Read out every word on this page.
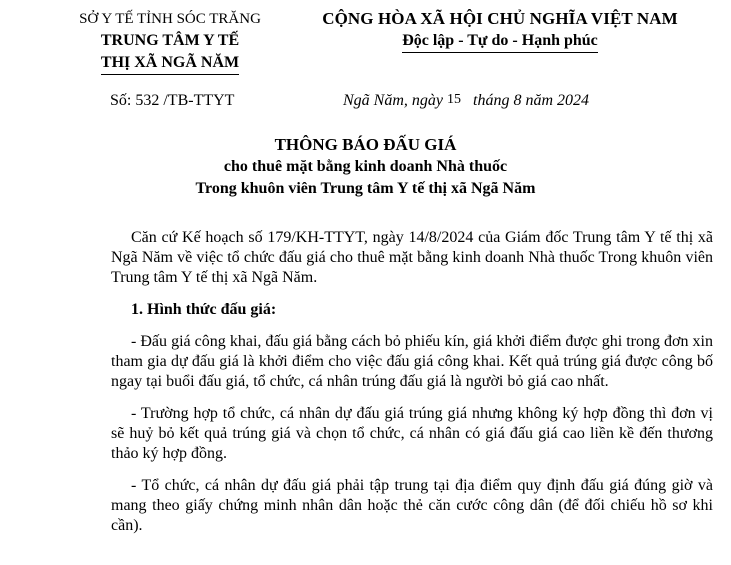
SỞ Y TẾ TỈNH SÓC TRĂNG
TRUNG TÂM Y TẾ
THỊ XÃ NGÃ NĂM
CỘNG HÒA XÃ HỘI CHỦ NGHĨA VIỆT NAM
Độc lập - Tự do - Hạnh phúc
Số: 532 /TB-TTYT	Ngã Năm, ngày 15   tháng 8 năm 2024
THÔNG BÁO ĐẤU GIÁ
cho thuê mặt bằng kinh doanh Nhà thuốc
Trong khuôn viên Trung tâm Y tế thị xã Ngã Năm

Căn cứ Kế hoạch số 179/KH-TTYT, ngày 14/8/2024 của Giám đốc Trung tâm Y tế thị xã Ngã Năm về việc tổ chức đấu giá cho thuê mặt bằng kinh doanh Nhà thuốc Trong khuôn viên Trung tâm Y tế thị xã Ngã Năm.

1. Hình thức đấu giá:

- Đấu giá công khai, đấu giá bằng cách bỏ phiếu kín, giá khởi điểm được ghi trong đơn xin tham gia dự đấu giá là khởi điểm cho việc đấu giá công khai. Kết quả trúng giá được công bố ngay tại buổi đấu giá, tổ chức, cá nhân trúng đấu giá là người bỏ giá cao nhất.

- Trường hợp tổ chức, cá nhân dự đấu giá trúng giá nhưng không ký hợp đồng thì đơn vị sẽ huỷ bỏ kết quả trúng giá và chọn tổ chức, cá nhân có giá đấu giá cao liền kề đến thương thảo ký hợp đồng.

- Tổ chức, cá nhân dự đấu giá phải tập trung tại địa điểm quy định đấu giá đúng giờ và mang theo giấy chứng minh nhân dân hoặc thẻ căn cước công dân (để đối chiếu hồ sơ khi cần).
